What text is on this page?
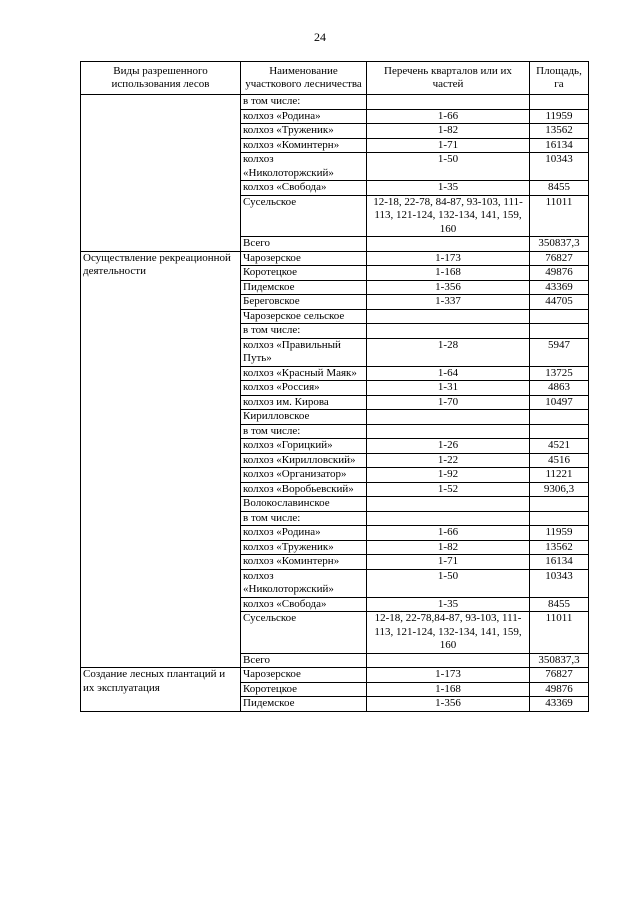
24
Виды разрешенного использования лесов	Наименование участкового лесничества	Перечень кварталов или их частей	Площадь, га
	в том числе:		
	колхоз «Родина»	1-66	11959
	колхоз «Труженик»	1-82	13562
	колхоз «Коминтерн»	1-71	16134
	колхоз «Николоторжский»	1-50	10343
	колхоз «Свобода»	1-35	8455
	Сусельское	12-18, 22-78, 84-87, 93-103, 111-113, 121-124, 132-134, 141, 159, 160	11011
	Всего		350837,3
Осуществление рекреационной деятельности	Чарозерское	1-173	76827
	Коротецкое	1-168	49876
	Пидемское	1-356	43369
	Береговское	1-337	44705
	Чарозерское сельское		
	в том числе:		
	колхоз «Правильный Путь»	1-28	5947
	колхоз «Красный Маяк»	1-64	13725
	колхоз «Россия»	1-31	4863
	колхоз им. Кирова	1-70	10497
	Кирилловское		
	в том числе:		
	колхоз «Горицкий»	1-26	4521
	колхоз «Кирилловский»	1-22	4516
	колхоз «Организатор»	1-92	11221
	колхоз «Воробьевский»	1-52	9306,3
	Волокославинское		
	в том числе:		
	колхоз «Родина»	1-66	11959
	колхоз «Труженик»	1-82	13562
	колхоз «Коминтерн»	1-71	16134
	колхоз «Николоторжский»	1-50	10343
	колхоз «Свобода»	1-35	8455
	Сусельское	12-18, 22-78,84-87, 93-103, 111-113, 121-124, 132-134, 141, 159, 160	11011
	Всего		350837,3
Создание лесных плантаций и их эксплуатация	Чарозерское	1-173	76827
	Коротецкое	1-168	49876
	Пидемское	1-356	43369
